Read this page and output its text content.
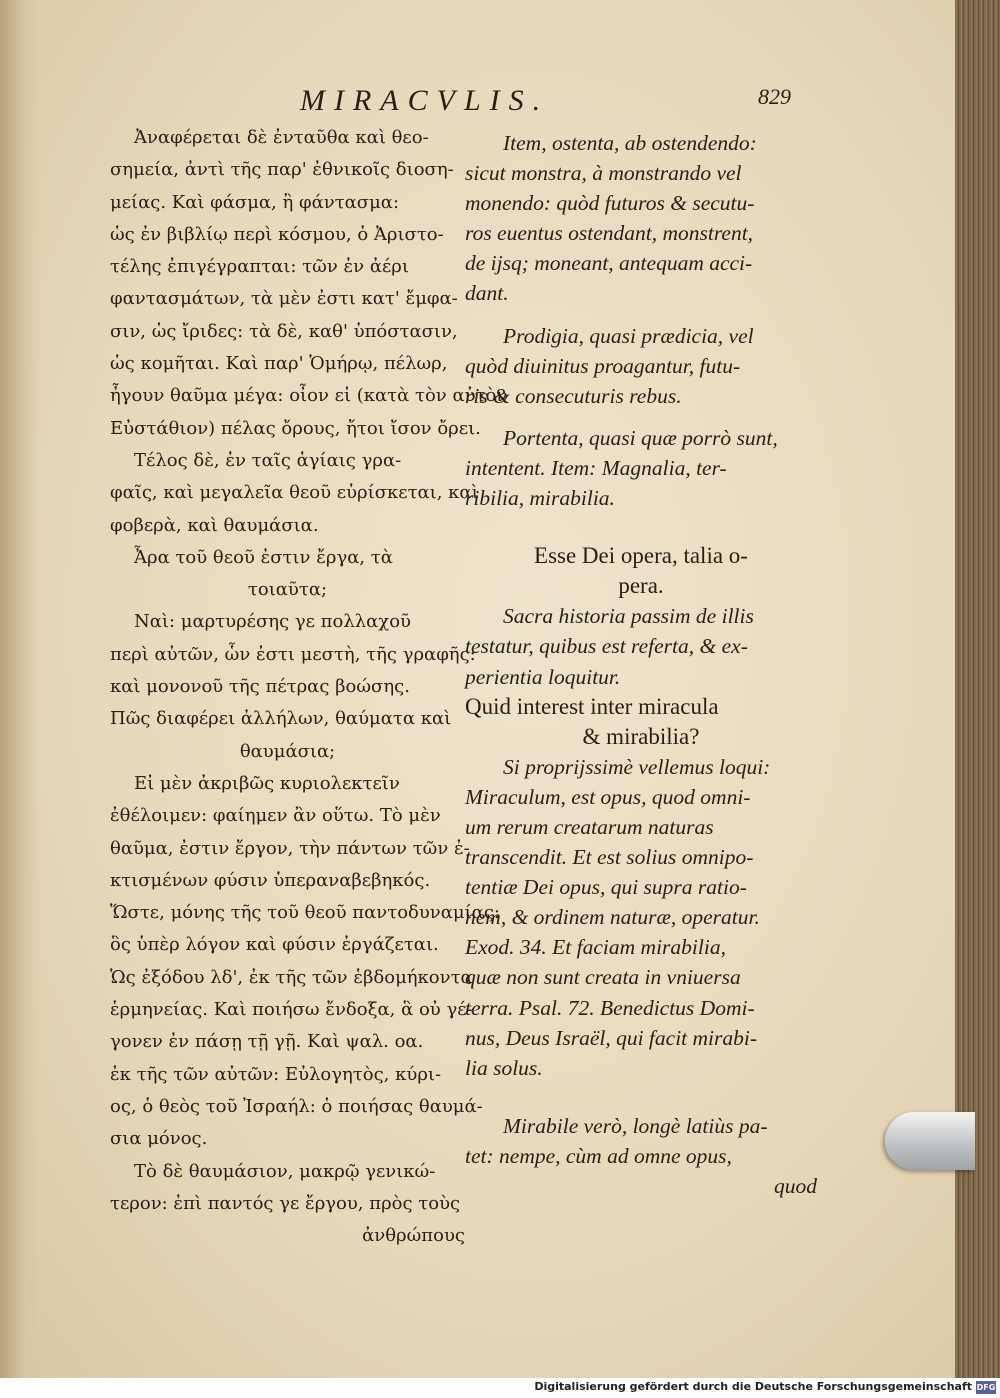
MIRACVLIS.	829
Ἀναφέρεται δὲ ἐνταῦθα καὶ θεο-
σημεία, ἀντὶ τῆς παρ' ἐθνικοῖς διοση-
μείας. Καὶ φάσμα, ἢ φάντασμα:
ὡς ἐν βιβλίῳ περὶ κόσμου, ὁ Ἀριστο-
τέλης ἐπιγέγραπται: τῶν ἐν ἀέρι
φαντασμάτων, τὰ μὲν ἐστι κατ' ἔμφα-
σιν, ὡς ἴριδες: τὰ δὲ, καθ' ὑπόστασιν,
ὡς κομῆται. Καὶ παρ' Ὁμήρῳ, πέλωρ,
ἦγουν θαῦμα μέγα: οἶον εἰ (κατὰ τὸν αὐτὸν
Εὐστάθιον) πέλας ὄρους, ἤτοι ἴσον ὄρει.
Τέλος δὲ, ἐν ταῖς ἁγίαις γρα-
φαῖς, καὶ μεγαλεῖα θεοῦ εὑρίσκεται, καὶ
φοβερὰ, καὶ θαυμάσια.
Ἆρα τοῦ θεοῦ ἐστιν ἔργα, τὰ
τοιαῦτα;
Ναὶ: μαρτυρέσης γε πολλαχοῦ
περὶ αὐτῶν, ὧν ἐστι μεστὴ, τῆς γραφῆς:
καὶ μονονοῦ τῆς πέτρας βοώσης.
Πῶς διαφέρει ἀλλήλων, θαύματα καὶ
θαυμάσια;
Εἰ μὲν ἀκριβῶς κυριολεκτεῖν
ἐθέλοιμεν: φαίημεν ἂν οὕτω. Τὸ μὲν
θαῦμα, ἐστιν ἔργον, τὴν πάντων τῶν ἐ-
κτισμένων φύσιν ὑπεραναβεβηκός.
Ὥστε, μόνης τῆς τοῦ θεοῦ παντοδυναμίας:
ὃς ὑπὲρ λόγον καὶ φύσιν ἐργάζεται.
Ὡς ἐξόδου λδ', ἐκ τῆς τῶν ἑβδομήκοντα
ἑρμηνείας. Καὶ ποιήσω ἔνδοξα, ἃ οὐ γέ-
γονεν ἐν πάσῃ τῇ γῇ. Καὶ ψαλ. οα.
ἐκ τῆς τῶν αὐτῶν: Εὐλογητὸς, κύρι-
ος, ὁ θεὸς τοῦ Ἰσραήλ: ὁ ποιήσας θαυμά-
σια μόνος.
Τὸ δὲ θαυμάσιον, μακρῷ γενικώ-
τερον: ἐπὶ παντός γε ἔργου, πρὸς τοὺς
ἀνθρώπους
Item, ostenta, ab ostendendo:
sicut monstra, à monstrando vel
monendo: quòd futuros & secutu-
ros euentus ostendant, monstrent,
de ijsq; moneant, antequam acci-
dant.
Prodigia, quasi prædicia, vel
quòd diuinitus proagantur, futu-
ris & consecuturis rebus.
Portenta, quasi quæ porrò sunt,
intentent. Item: Magnalia, ter-
ribilia, mirabilia.
Esse Dei opera, talia o-
pera.
Sacra historia passim de illis
testatur, quibus est referta, & ex-
perientia loquitur.
Quid interest inter miracula
& mirabilia?
Si proprijssimè vellemus loqui:
Miraculum, est opus, quod omni-
um rerum creatarum naturas
transcendit. Et est solius omnipo-
tentiæ Dei opus, qui supra ratio-
nem, & ordinem naturæ, operatur.
Exod. 34. Et faciam mirabilia,
quæ non sunt creata in vniuersa
terra. Psal. 72. Benedictus Domi-
nus, Deus Israël, qui facit mirabi-
lia solus.
Mirabile verò, longè latiùs pa-
tet: nempe, cùm ad omne opus,
quod
Digitalisierung gefördert durch die Deutsche Forschungsgemeinschaft DFG
